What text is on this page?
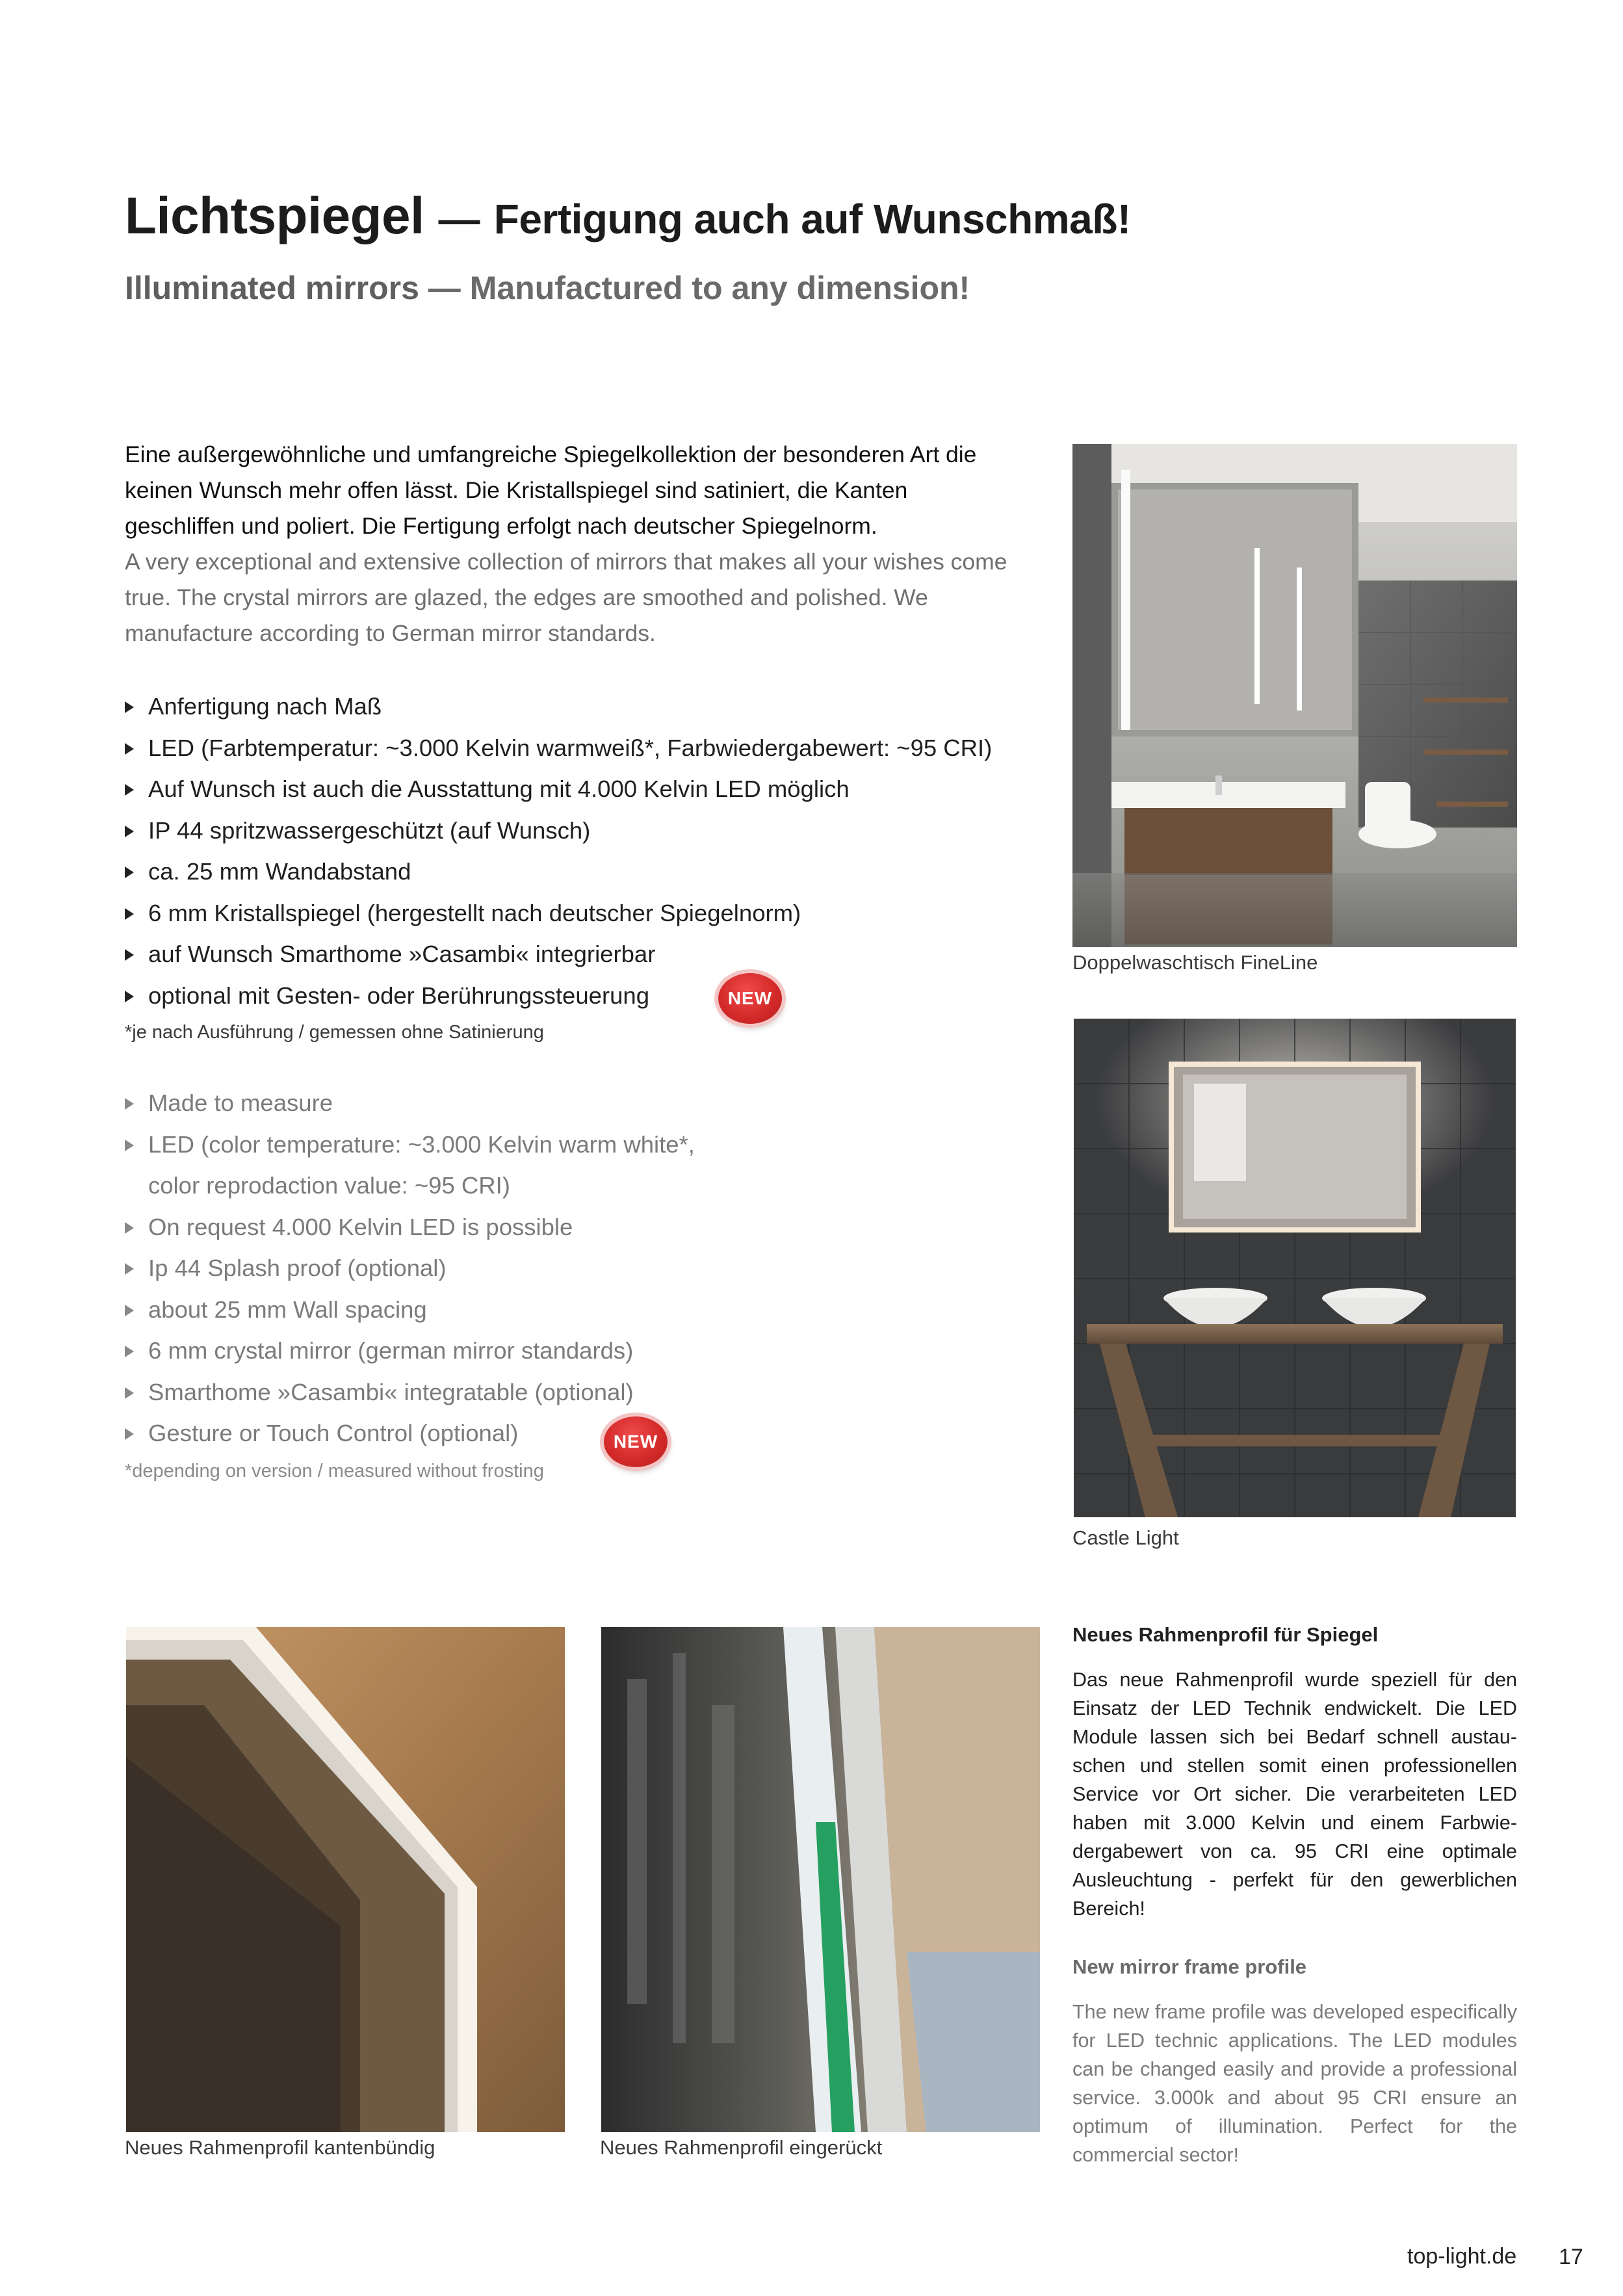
Lichtspiegel — Fertigung auch auf Wunschmaß!
Illuminated mirrors — Manufactured to any dimension!
Eine außergewöhnliche und umfangreiche Spiegelkollektion der besonderen Art die keinen Wunsch mehr offen lässt. Die Kristallspiegel sind satiniert, die Kanten geschliffen und poliert. Die Fertigung erfolgt nach deutscher Spiegelnorm.
A very exceptional and extensive collection of mirrors that makes all your wishes come true. The crystal mirrors are glazed, the edges are smoothed and polished. We manufacture according to German mirror standards.
Anfertigung nach Maß
LED (Farbtemperatur: ~3.000 Kelvin warmweiß*, Farbwiedergabewert: ~95 CRI)
Auf Wunsch ist auch die Ausstattung mit 4.000 Kelvin LED möglich
IP 44 spritzwassergeschützt (auf Wunsch)
ca. 25 mm Wandabstand
6 mm Kristallspiegel (hergestellt nach deutscher Spiegelnorm)
auf Wunsch Smarthome »Casambi« integrierbar
optional mit Gesten- oder Berührungssteuerung	NEW
*je nach Ausführung / gemessen ohne Satinierung
Made to measure
LED (color temperature: ~3.000 Kelvin warm white*,
color reprodaction value: ~95 CRI)
On request 4.000 Kelvin LED is possible
Ip 44 Splash proof (optional)
about 25 mm Wall spacing
6 mm crystal mirror (german mirror standards)
Smarthome »Casambi« integratable (optional)
Gesture or Touch Control (optional)	NEW
*depending on version / measured without frosting
Doppelwaschtisch FineLine
Castle Light
Neues Rahmenprofil kantenbündig	Neues Rahmenprofil eingerückt
Neues Rahmenprofil für Spiegel
Das neue Rahmenprofil wurde speziell für den Einsatz der LED Technik endwickelt. Die LED Module lassen sich bei Bedarf schnell austauschen und stellen somit einen professionellen Service vor Ort sicher. Die verarbeiteten LED haben mit 3.000 Kelvin und einem Farbwiedergabewert von ca. 95 CRI eine optimale Ausleuchtung - perfekt für den gewerblichen Bereich!
New mirror frame profile
The new frame profile was developed especifically for LED technic applications. The LED modules can be changed easily and provide a professional service. 3.000k and about 95 CRI ensure an optimum of illumination. Perfect for the commercial sector!
top-light.de 17
